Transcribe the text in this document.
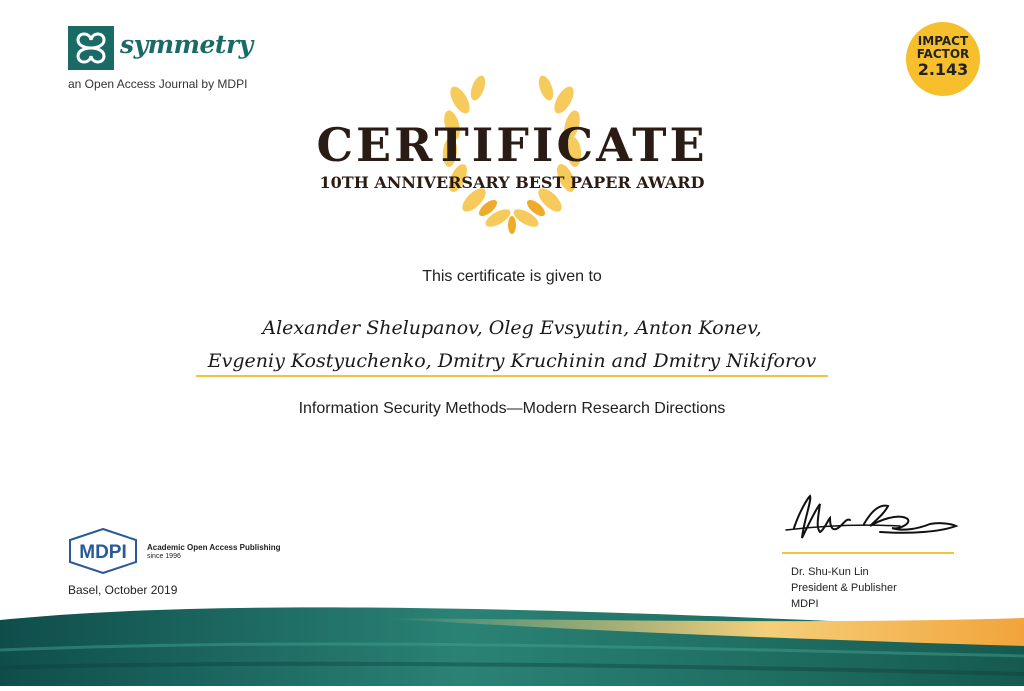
symmetry
an Open Access Journal by MDPI
IMPACT
FACTOR
2.143
CERTIFICATE
10TH ANNIVERSARY BEST PAPER AWARD
This certificate is given to
Alexander Shelupanov, Oleg Evsyutin, Anton Konev,
Evgeniy Kostyuchenko, Dmitry Kruchinin and Dmitry Nikiforov
Information Security Methods—Modern Research Directions
MDPI	Academic Open Access Publishing
since 1996
Basel, October 2019
Dr. Shu-Kun Lin
President & Publisher
MDPI
